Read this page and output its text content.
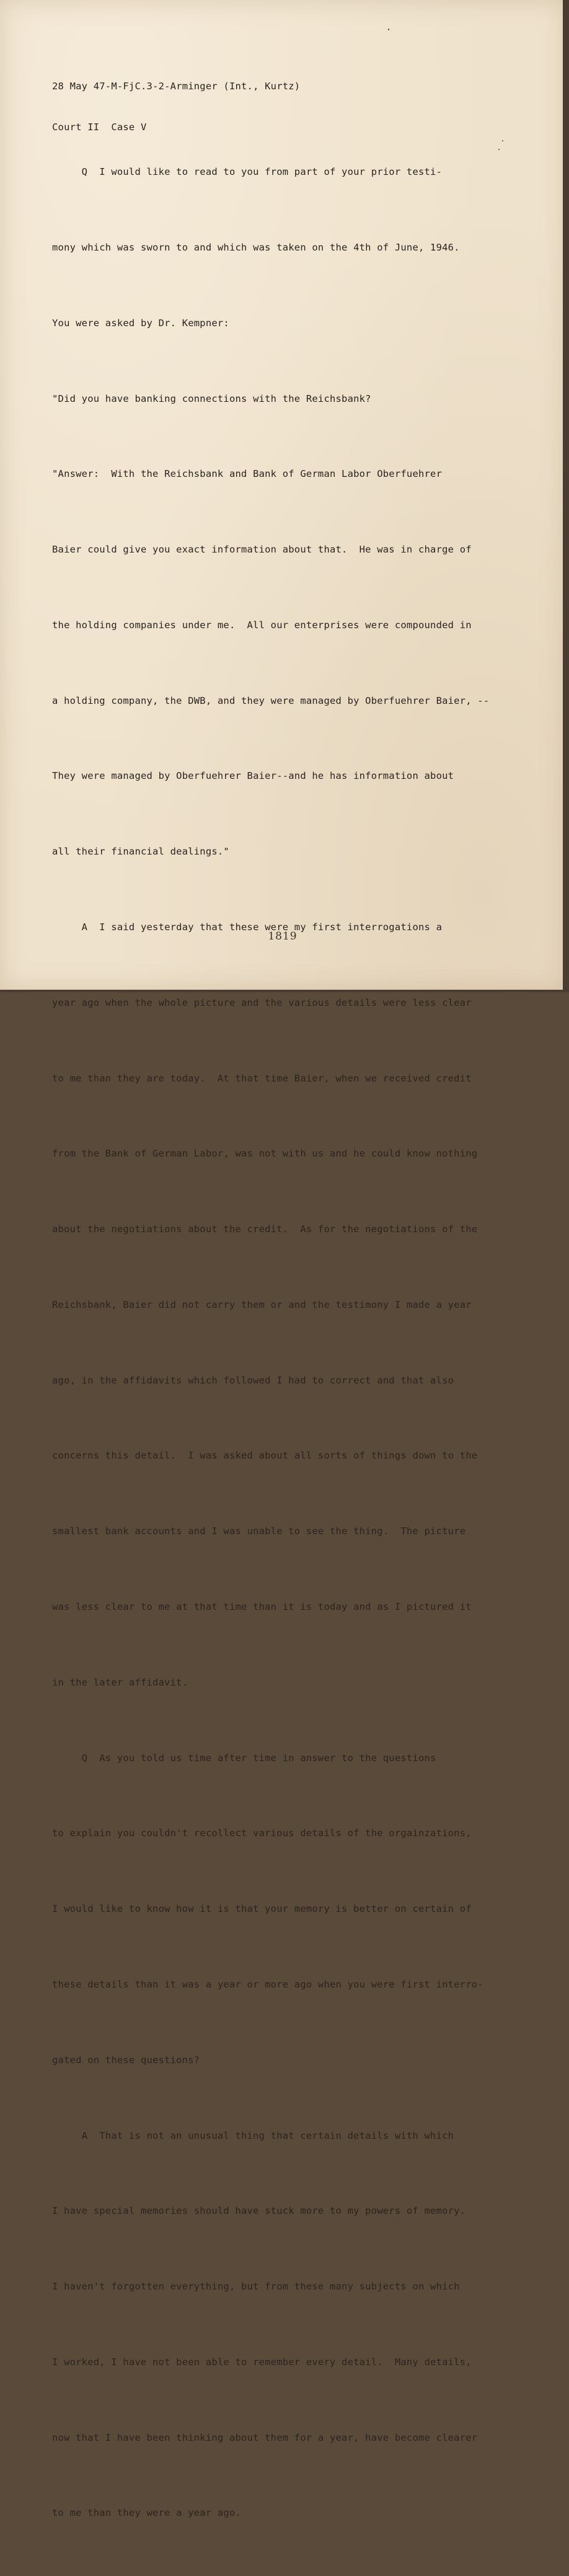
28 May 47-M-FjC.3-2-Arminger (Int., Kurtz)

Court II  Case V

Q  I would like to read to you from part of your prior testi-

mony which was sworn to and which was taken on the 4th of June, 1946.

You were asked by Dr. Kempner:

"Did you have banking connections with the Reichsbank?

"Answer:  With the Reichsbank and Bank of German Labor Oberfuehrer

Baier could give you exact information about that.  He was in charge of

the holding companies under me.  All our enterprises were compounded in

a holding company, the DWB, and they were managed by Oberfuehrer Baier, --

They were managed by Oberfuehrer Baier--and he has information about

all their financial dealings."

A  I said yesterday that these were my first interrogations a

year ago when the whole picture and the various details were less clear

to me than they are today.  At that time Baier, when we received credit

from the Bank of German Labor, was not with us and he could know nothing

about the negotiations about the credit.  As for the negotiations of the

Reichsbank, Baier did not carry them or and the testimony I made a year

ago, in the affidavits which followed I had to correct and that also

concerns this detail.  I was asked about all sorts of things down to the

smallest bank accounts and I was unable to see the thing.  The picture

was less clear to me at that time than it is today and as I pictured it

in the later affidavit.

Q  As you told us time after time in answer to the questions

to explain you couldn't recollect various details of the orgainzations,

I would like to know how it is that your memory is better on certain of

these details than it was a year or more ago when you were first interro-

gated on these questions?

A  That is not an unusual thing that certain details with which

I have special memories should have stuck more to my powers of memory.

I haven't forgotten everything, but from these many subjects on which

I worked, I have not been able to remember every detail.  Many details,

now that I have been thinking about them for a year, have become clearer

to me than they were a year ago.

1819
